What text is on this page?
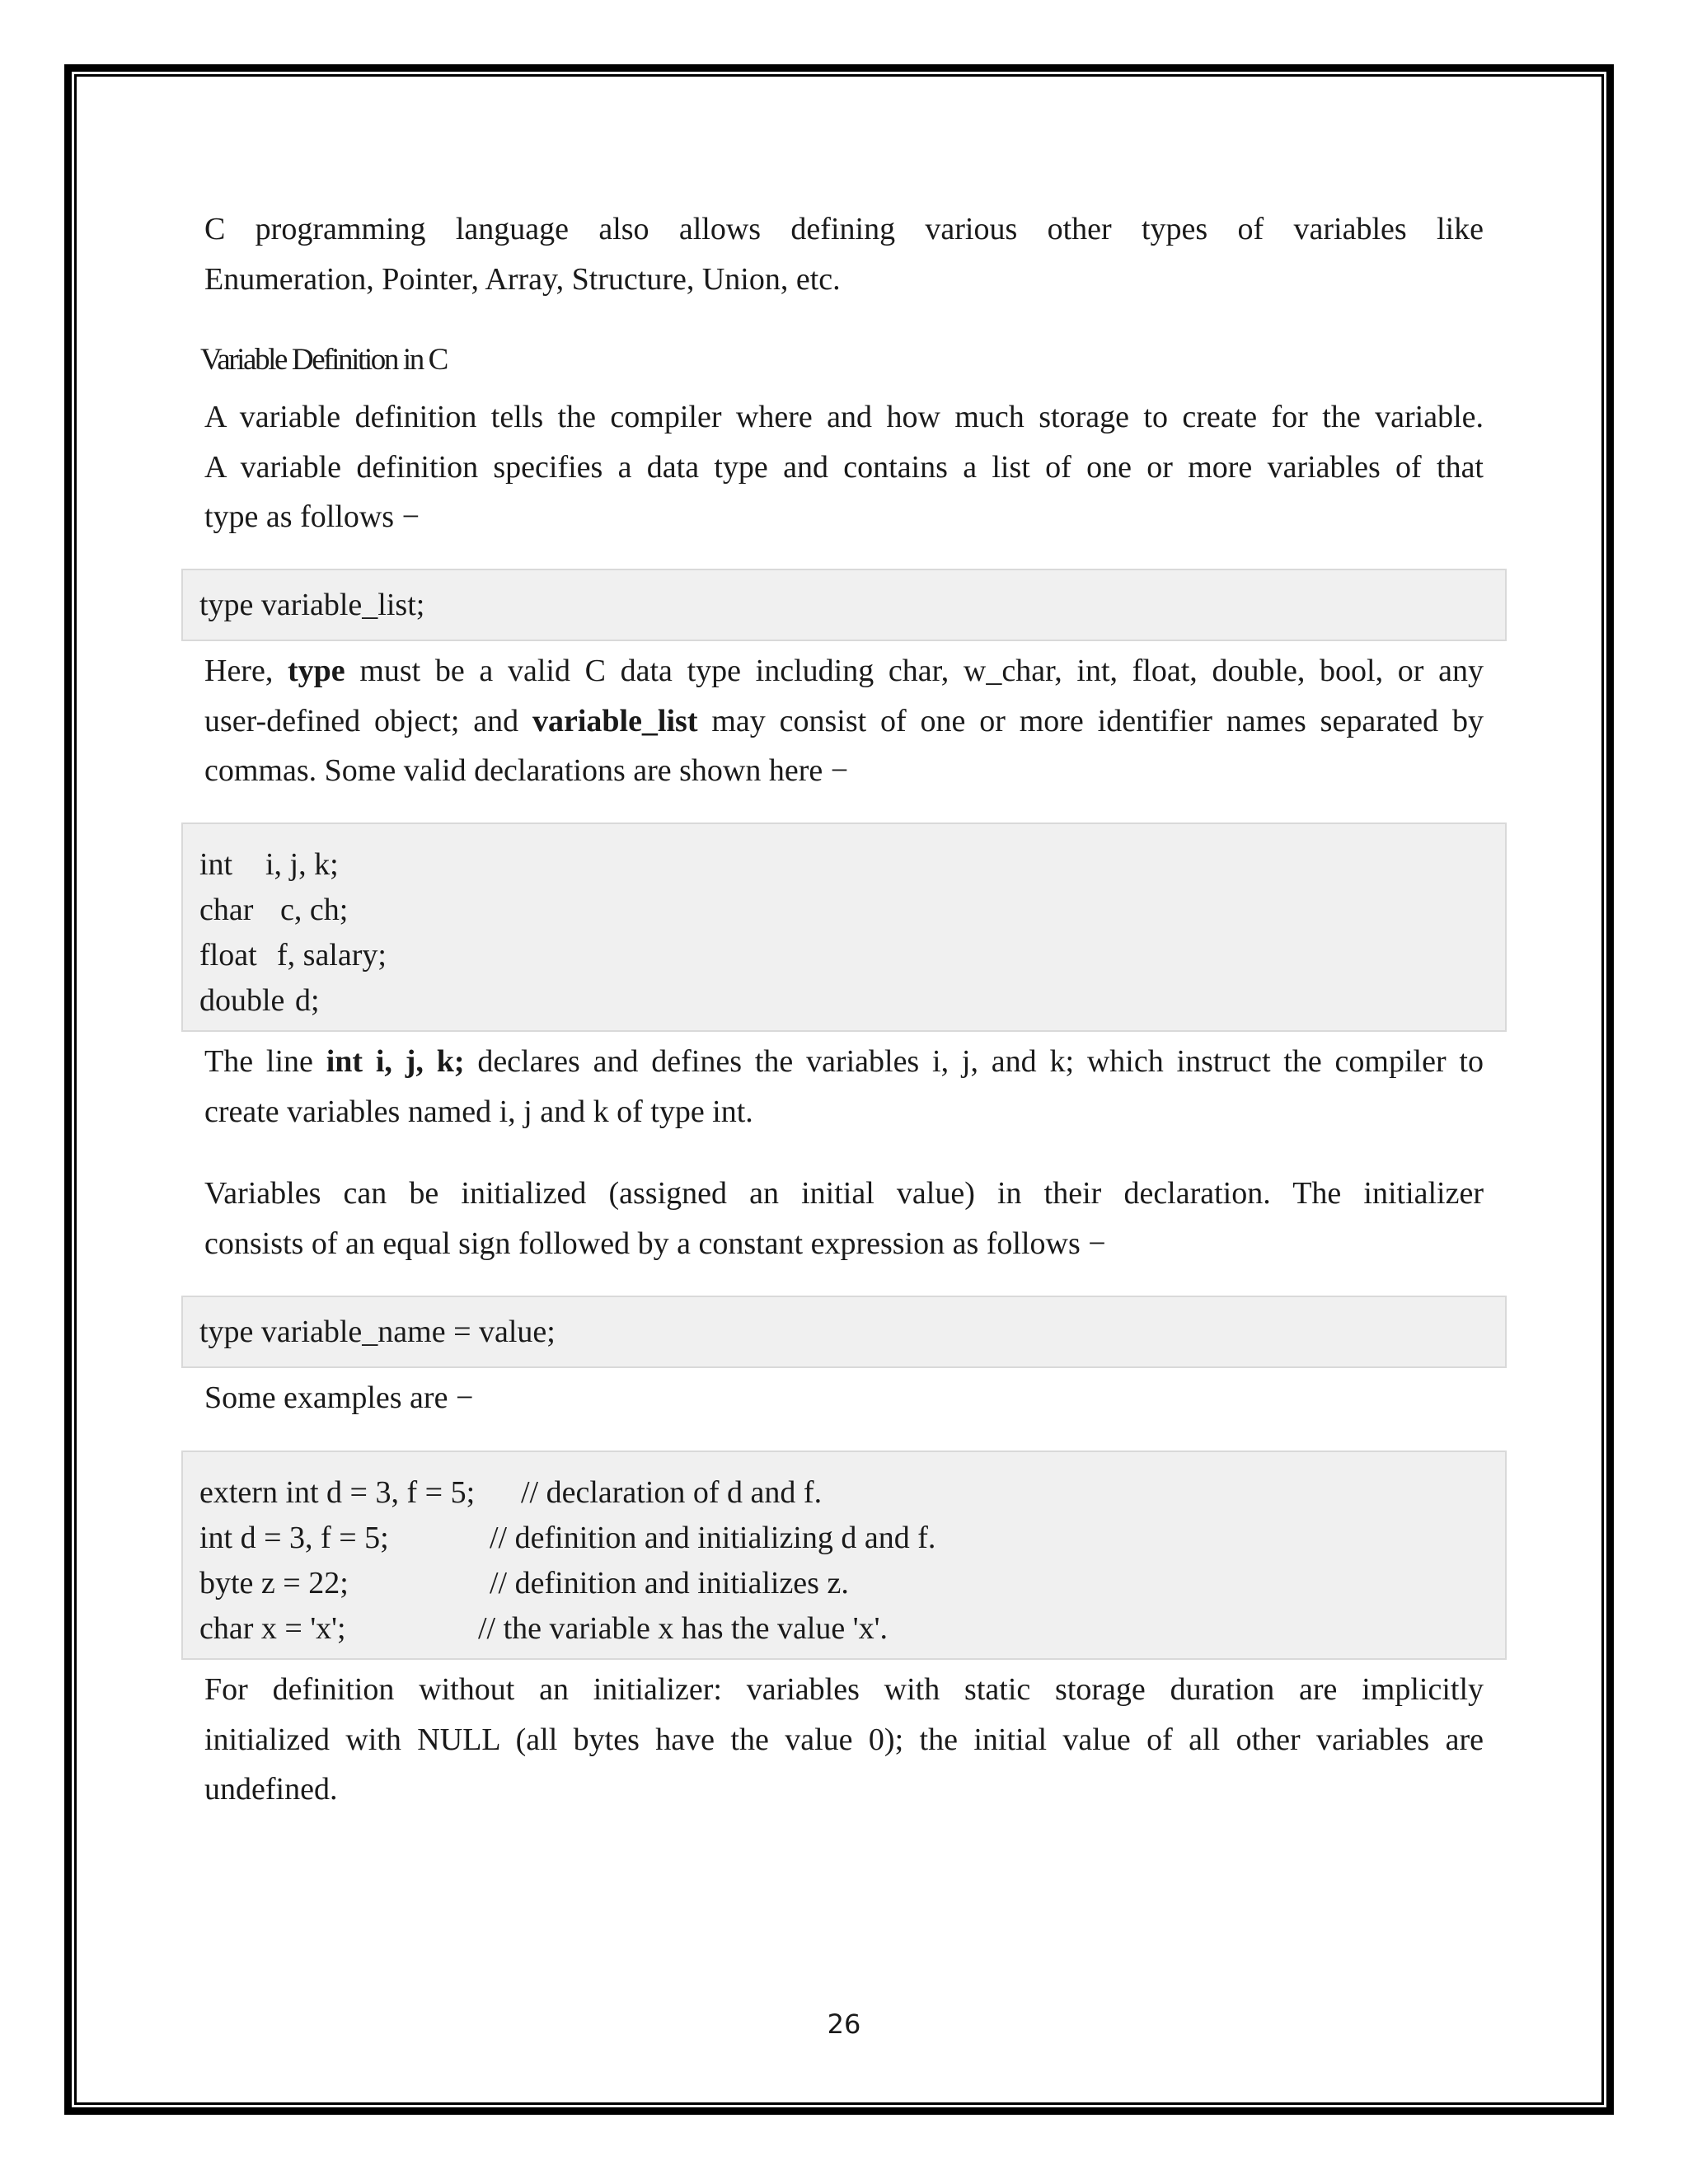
C programming language also allows defining various other types of variables like
Enumeration, Pointer, Array, Structure, Union, etc.
Variable Definition in C
A variable definition tells the compiler where and how much storage to create for the variable.
A variable definition specifies a data type and contains a list of one or more variables of that
type as follows −
type variable_list;
Here, type must be a valid C data type including char, w_char, int, float, double, bool, or any
user-defined object; and variable_list may consist of one or more identifier names separated by
commas. Some valid declarations are shown here −
int i, j, k;
char c, ch;
float f, salary;
double d;
The line int i, j, k; declares and defines the variables i, j, and k; which instruct the compiler to
create variables named i, j and k of type int.
Variables can be initialized (assigned an initial value) in their declaration. The initializer
consists of an equal sign followed by a constant expression as follows −
type variable_name = value;
Some examples are −
extern int d = 3, f = 5; // declaration of d and f.
int d = 3, f = 5;	// definition and initializing d and f.
byte z = 22;	// definition and initializes z.
char x = 'x';	// the variable x has the value 'x'.
For definition without an initializer: variables with static storage duration are implicitly
initialized with NULL (all bytes have the value 0); the initial value of all other variables are
undefined.
26
